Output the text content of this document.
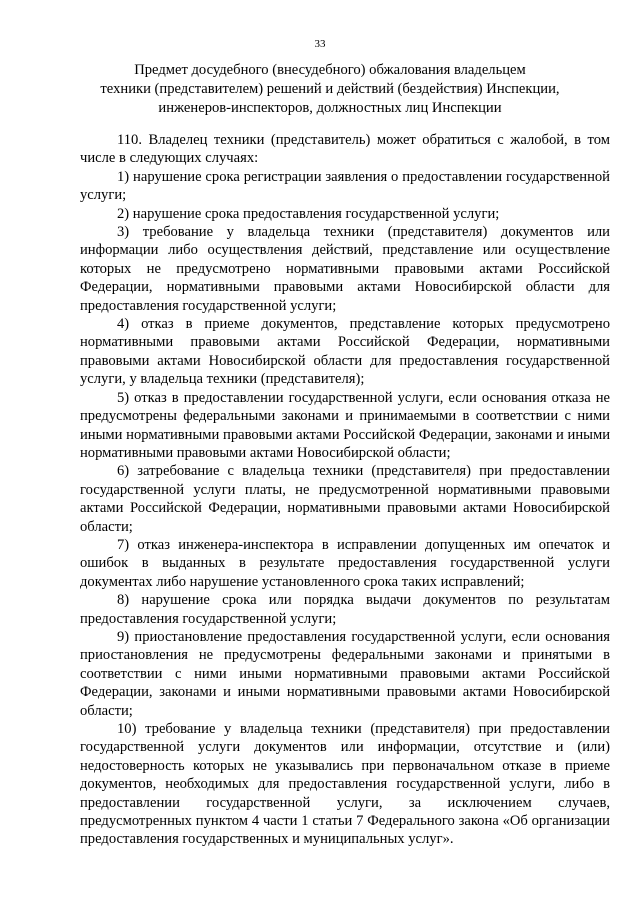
33
Предмет досудебного (внесудебного) обжалования владельцем
техники (представителем) решений и действий (бездействия) Инспекции,
инженеров-инспекторов, должностных лиц Инспекции

110. Владелец техники (представитель) может обратиться с жалобой, в том числе в следующих случаях:

1) нарушение срока регистрации заявления о предоставлении государственной услуги;

2) нарушение срока предоставления государственной услуги;

3) требование у владельца техники (представителя) документов или информации либо осуществления действий, представление или осуществление которых не предусмотрено нормативными правовыми актами Российской Федерации, нормативными правовыми актами Новосибирской области для предоставления государственной услуги;

4) отказ в приеме документов, представление которых предусмотрено нормативными правовыми актами Российской Федерации, нормативными правовыми актами Новосибирской области для предоставления государственной услуги, у владельца техники (представителя);

5) отказ в предоставлении государственной услуги, если основания отказа не предусмотрены федеральными законами и принимаемыми в соответствии с ними иными нормативными правовыми актами Российской Федерации, законами и иными нормативными правовыми актами Новосибирской области;

6) затребование с владельца техники (представителя) при предоставлении государственной услуги платы, не предусмотренной нормативными правовыми актами Российской Федерации, нормативными правовыми актами Новосибирской области;

7) отказ инженера-инспектора в исправлении допущенных им опечаток и ошибок в выданных в результате предоставления государственной услуги документах либо нарушение установленного срока таких исправлений;

8) нарушение срока или порядка выдачи документов по результатам предоставления государственной услуги;

9) приостановление предоставления государственной услуги, если основания приостановления не предусмотрены федеральными законами и принятыми в соответствии с ними иными нормативными правовыми актами Российской Федерации, законами и иными нормативными правовыми актами Новосибирской области;

10) требование у владельца техники (представителя) при предоставлении государственной услуги документов или информации, отсутствие и (или) недостоверность которых не указывались при первоначальном отказе в приеме документов, необходимых для предоставления государственной услуги, либо в предоставлении государственной услуги, за исключением случаев, предусмотренных пунктом 4 части 1 статьи 7 Федерального закона «Об организации предоставления государственных и муниципальных услуг».
